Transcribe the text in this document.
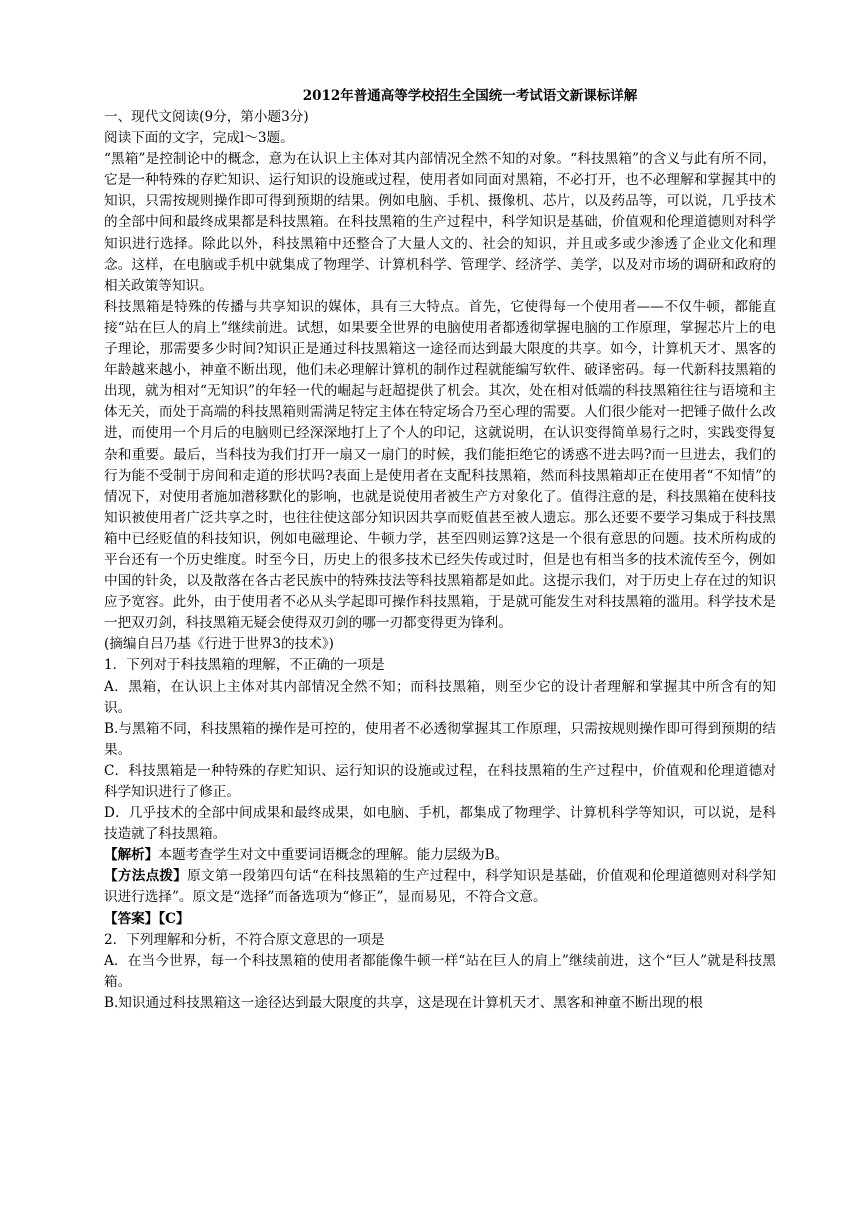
2012年普通高等学校招生全国统一考试语文新课标详解

一、现代文阅读(9分，第小题3分)

阅读下面的文字，完成l～3题。

“黑箱”是控制论中的概念，意为在认识上主体对其内部情况全然不知的对象。“科技黑箱”的含义与此有所不同，它是一种特殊的存贮知识、运行知识的设施或过程，使用者如同面对黑箱，不必打开，也不必理解和掌握其中的知识，只需按规则操作即可得到预期的结果。例如电脑、手机、摄像机、芯片，以及药品等，可以说，几乎技术的全部中间和最终成果都是科技黑箱。在科技黑箱的生产过程中，科学知识是基础，价值观和伦理道德则对科学知识进行选择。除此以外，科技黑箱中还整合了大量人文的、社会的知识，并且或多或少渗透了企业文化和理念。这样，在电脑或手机中就集成了物理学、计算机科学、管理学、经济学、美学，以及对市场的调研和政府的相关政策等知识。

科技黑箱是特殊的传播与共享知识的媒体，具有三大特点。首先，它使得每一个使用者——不仅牛顿，都能直接“站在巨人的肩上”继续前进。试想，如果要全世界的电脑使用者都透彻掌握电脑的工作原理，掌握芯片上的电子理论，那需要多少时间?知识正是通过科技黑箱这一途径而达到最大限度的共享。如今，计算机天才、黑客的年龄越来越小，神童不断出现，他们未必理解计算机的制作过程就能编写软件、破译密码。每一代新科技黑箱的出现，就为相对“无知识”的年轻一代的崛起与赶超提供了机会。其次，处在相对低端的科技黑箱往往与语境和主体无关，而处于高端的科技黑箱则需满足特定主体在特定场合乃至心理的需要。人们很少能对一把锤子做什么改进，而使用一个月后的电脑则已经深深地打上了个人的印记，这就说明，在认识变得简单易行之时，实践变得复杂和重要。最后，当科技为我们打开一扇又一扇门的时候，我们能拒绝它的诱惑不进去吗?而一旦进去，我们的行为能不受制于房间和走道的形状吗?表面上是使用者在支配科技黑箱，然而科技黑箱却正在使用者“不知情”的情况下，对使用者施加潜移默化的影响，也就是说使用者被生产方对象化了。值得注意的是，科技黑箱在使科技知识被使用者广泛共享之时，也往往使这部分知识因共享而贬值甚至被人遗忘。那么还要不要学习集成于科技黑箱中已经贬值的科技知识，例如电磁理论、牛顿力学，甚至四则运算?这是一个很有意思的问题。技术所构成的平台还有一个历史维度。时至今日，历史上的很多技术已经失传或过时，但是也有相当多的技术流传至今，例如中国的针灸，以及散落在各古老民族中的特殊技法等科技黑箱都是如此。这提示我们，对于历史上存在过的知识应予宽容。此外，由于使用者不必从头学起即可操作科技黑箱，于是就可能发生对科技黑箱的滥用。科学技术是一把双刃剑，科技黑箱无疑会使得双刃剑的哪一刃都变得更为锋利。

(摘编自吕乃基《行进于世界3的技术》)

1．下列对于科技黑箱的理解，不正确的一项是

A．黑箱，在认识上主体对其内部情况全然不知；而科技黑箱，则至少它的设计者理解和掌握其中所含有的知识。

B.与黑箱不同，科技黑箱的操作是可控的，使用者不必透彻掌握其工作原理，只需按规则操作即可得到预期的结果。

C．科技黑箱是一种特殊的存贮知识、运行知识的设施或过程，在科技黑箱的生产过程中，价值观和伦理道德对科学知识进行了修正。

D．几乎技术的全部中间成果和最终成果，如电脑、手机，都集成了物理学、计算机科学等知识，可以说，是科技造就了科技黑箱。

【解析】本题考查学生对文中重要词语概念的理解。能力层级为B。

【方法点拨】原文第一段第四句话“在科技黑箱的生产过程中，科学知识是基础，价值观和伦理道德则对科学知识进行选择”。原文是“选择”而备选项为“修正”，显而易见，不符合文意。

【答案】【C】

2．下列理解和分析，不符合原文意思的一项是

A．在当今世界，每一个科技黑箱的使用者都能像牛顿一样“站在巨人的肩上”继续前进，这个“巨人”就是科技黑箱。

B.知识通过科技黑箱这一途径达到最大限度的共享，这是现在计算机天才、黑客和神童不断出现的根
